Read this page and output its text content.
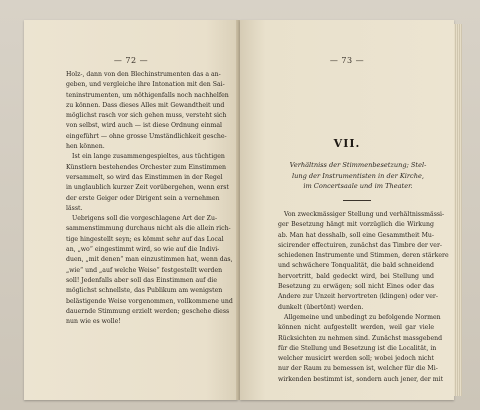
— 72 —
Holz-, dann von den Blechinstrumenten das a an-
geben, und vergleiche ihre Intonation mit den Sai-
teninstrumenten, um nöthigenfalls noch nachhelfen
zu können. Dass dieses Alles mit Gewandtheit und
möglichst rasch vor sich gehen muss, versteht sich
von selbst, wird auch — ist diese Ordnung einmal
eingeführt — ohne grosse Umständlichkeit gesche-
hen können.
Ist ein lange zusammengespieltes, aus tüchtigen
Künstlern bestehendes Orchester zum Einstimmen
versammelt, so wird das Einstimmen in der Regel
in unglaublich kurzer Zeit vorübergehen, wenn erst
der erste Geiger oder Dirigent sein a vernehmen
lässt.
Uebrigens soll die vorgeschlagene Art der Zu-
sammenstimmung durchaus nicht als die allein rich-
tige hingestellt seyn; es kömmt sehr auf das Local
an, „wo“ eingestimmt wird, so wie auf die Indivi-
duen, „mit denen“ man einzustimmen hat, wenn das,
„wie“ und „auf welche Weise“ festgestellt werden
soll! Jedenfalls aber soll das Einstimmen auf die
möglichst schnellste, das Publikum am wenigsten
belästigende Weise vorgenommen, vollkommene und
dauernde Stimmung erzielt werden; geschehe diess
nun wie es wolle!
— 73 —
VII.
Verhältniss der Stimmenbesetzung; Stel-
lung der Instrumentisten in der Kirche,
im Concertsaale und im Theater.
Von zweckmässiger Stellung und verhältnissmässi-
ger Besetzung hängt mit vorzüglich die Wirkung
ab. Man hat desshalb, soll eine Gesammtheit Mu-
sicirender effectuiren, zunächst das Timbre der ver-
schiedenen Instrumente und Stimmen, deren stärkere
und schwächere Tonqualität, die bald schneidend
hervortritt, bald gedeckt wird, bei Stellung und
Besetzung zu erwägen; soll nicht Eines oder das
Andere zur Unzeit hervortreten (klingen) oder ver-
dunkelt (übertönt) werden.
Allgemeine und unbedingt zu befolgende Normen
können nicht aufgestellt werden, weil gar viele
Rücksichten zu nehmen sind. Zunächst massgebend
für die Stellung und Besetzung ist die Localität, in
welcher musicirt werden soll; wobei jedoch nicht
nur der Raum zu bemessen ist, welcher für die Mi-
wirkenden bestimmt ist, sondern auch jener, der mit
